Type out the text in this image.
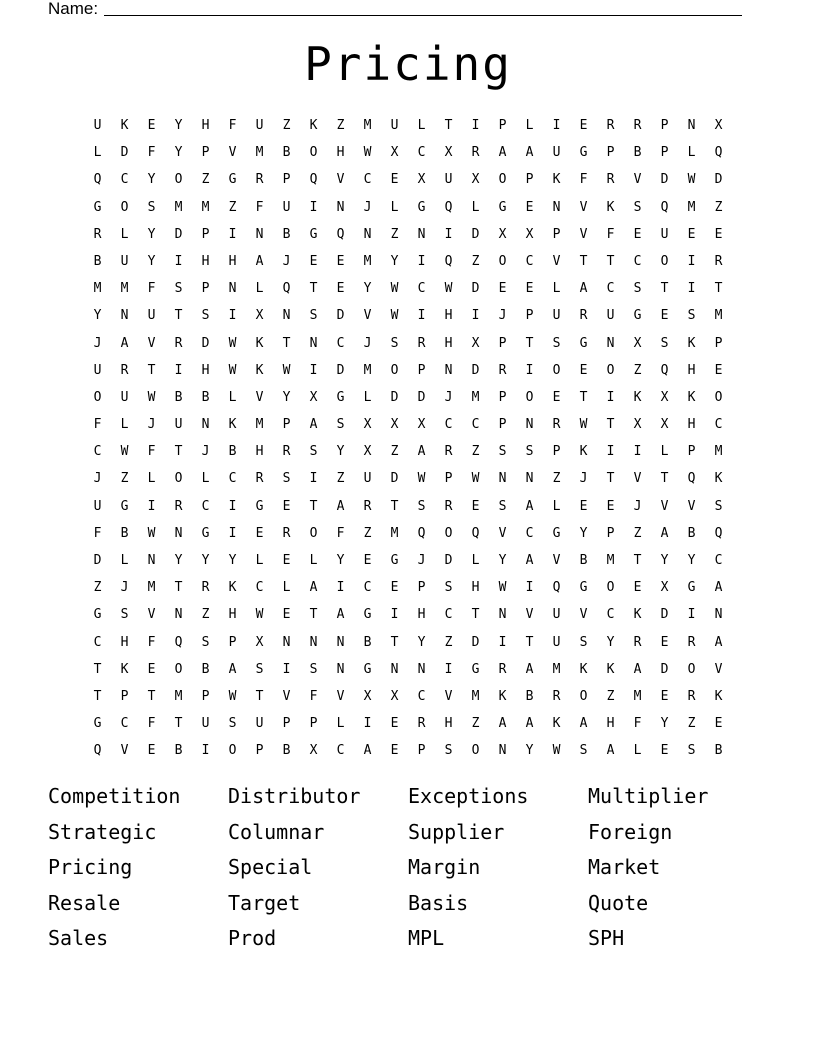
Name:
Pricing
U	K	E	Y	H	F	U	Z	K	Z	M	U	L	T	I	P	L	I	E	R	R	P	N	X
L	D	F	Y	P	V	M	B	O	H	W	X	C	X	R	A	A	U	G	P	B	P	L	Q
Q	C	Y	O	Z	G	R	P	Q	V	C	E	X	U	X	O	P	K	F	R	V	D	W	D
G	O	S	M	M	Z	F	U	I	N	J	L	G	Q	L	G	E	N	V	K	S	Q	M	Z
R	L	Y	D	P	I	N	B	G	Q	N	Z	N	I	D	X	X	P	V	F	E	U	E	E
B	U	Y	I	H	H	A	J	E	E	M	Y	I	Q	Z	O	C	V	T	T	C	O	I	R
M	M	F	S	P	N	L	Q	T	E	Y	W	C	W	D	E	E	L	A	C	S	T	I	T
Y	N	U	T	S	I	X	N	S	D	V	W	I	H	I	J	P	U	R	U	G	E	S	M
J	A	V	R	D	W	K	T	N	C	J	S	R	H	X	P	T	S	G	N	X	S	K	P
U	R	T	I	H	W	K	W	I	D	M	O	P	N	D	R	I	O	E	O	Z	Q	H	E
O	U	W	B	B	L	V	Y	X	G	L	D	D	J	M	P	O	E	T	I	K	X	K	O
F	L	J	U	N	K	M	P	A	S	X	X	X	C	C	P	N	R	W	T	X	X	H	C
C	W	F	T	J	B	H	R	S	Y	X	Z	A	R	Z	S	S	P	K	I	I	L	P	M
J	Z	L	O	L	C	R	S	I	Z	U	D	W	P	W	N	N	Z	J	T	V	T	Q	K
U	G	I	R	C	I	G	E	T	A	R	T	S	R	E	S	A	L	E	E	J	V	V	S
F	B	W	N	G	I	E	R	O	F	Z	M	Q	O	Q	V	C	G	Y	P	Z	A	B	Q
D	L	N	Y	Y	Y	L	E	L	Y	E	G	J	D	L	Y	A	V	B	M	T	Y	Y	C
Z	J	M	T	R	K	C	L	A	I	C	E	P	S	H	W	I	Q	G	O	E	X	G	A
G	S	V	N	Z	H	W	E	T	A	G	I	H	C	T	N	V	U	V	C	K	D	I	N
C	H	F	Q	S	P	X	N	N	N	B	T	Y	Z	D	I	T	U	S	Y	R	E	R	A
T	K	E	O	B	A	S	I	S	N	G	N	N	I	G	R	A	M	K	K	A	D	O	V
T	P	T	M	P	W	T	V	F	V	X	X	C	V	M	K	B	R	O	Z	M	E	R	K
G	C	F	T	U	S	U	P	P	L	I	E	R	H	Z	A	A	K	A	H	F	Y	Z	E
Q	V	E	B	I	O	P	B	X	C	A	E	P	S	O	N	Y	W	S	A	L	E	S	B
Competition	Distributor	Exceptions	Multiplier
Strategic	Columnar	Supplier	Foreign
Pricing	Special	Margin	Market
Resale	Target	Basis	Quote
Sales	Prod	MPL	SPH
